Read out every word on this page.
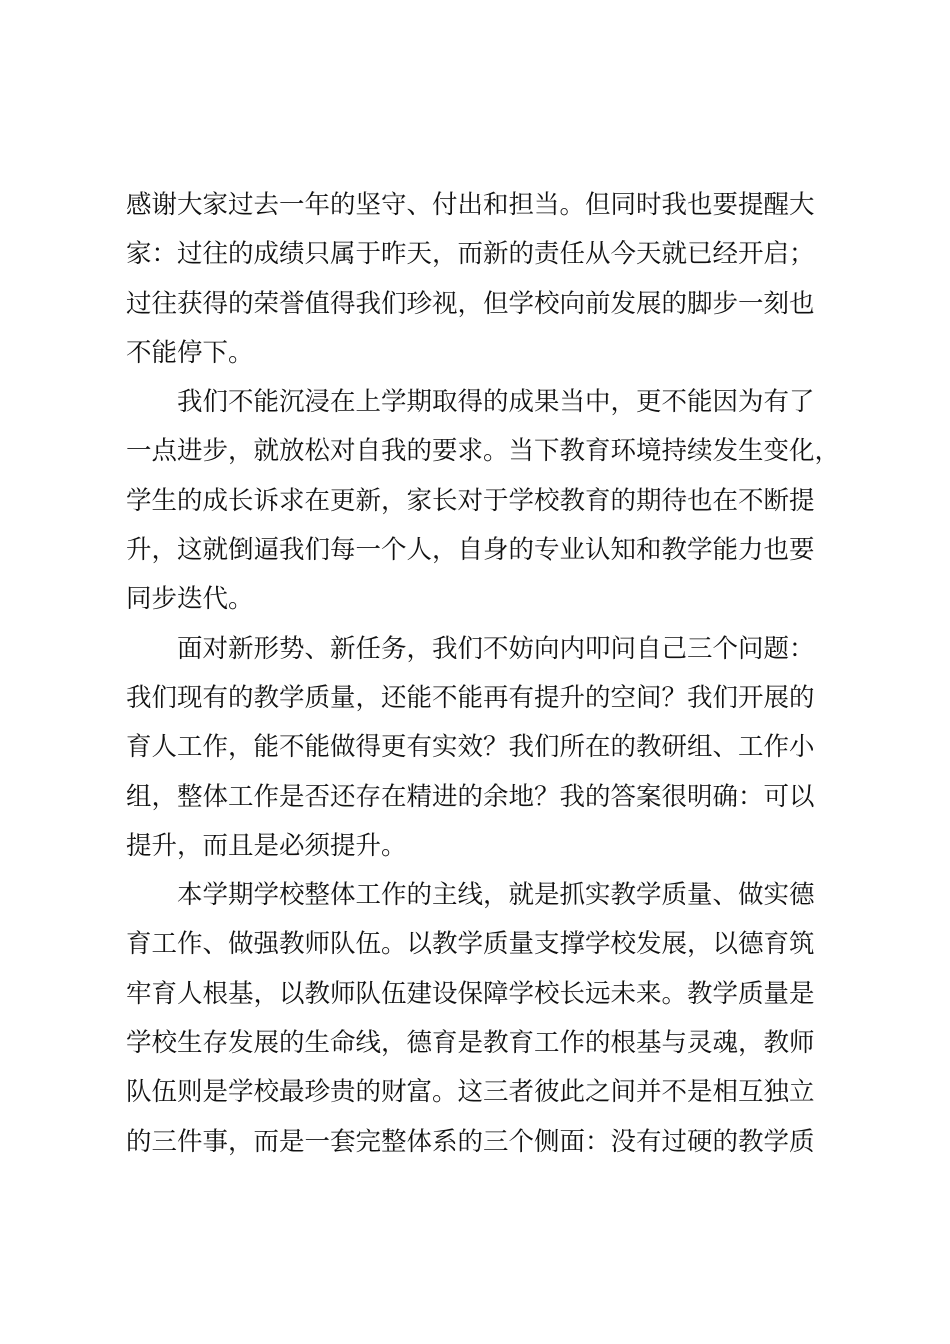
感谢大家过去一年的坚守、付出和担当。但同时我也要提醒大
家：过往的成绩只属于昨天，而新的责任从今天就已经开启；
过往获得的荣誉值得我们珍视，但学校向前发展的脚步一刻也
不能停下。
我们不能沉浸在上学期取得的成果当中，更不能因为有了
一点进步，就放松对自我的要求。当下教育环境持续发生变化，
学生的成长诉求在更新，家长对于学校教育的期待也在不断提
升，这就倒逼我们每一个人，自身的专业认知和教学能力也要
同步迭代。
面对新形势、新任务，我们不妨向内叩问自己三个问题：
我们现有的教学质量，还能不能再有提升的空间？我们开展的
育人工作，能不能做得更有实效？我们所在的教研组、工作小
组，整体工作是否还存在精进的余地？我的答案很明确：可以
提升，而且是必须提升。
本学期学校整体工作的主线，就是抓实教学质量、做实德
育工作、做强教师队伍。以教学质量支撑学校发展，以德育筑
牢育人根基，以教师队伍建设保障学校长远未来。教学质量是
学校生存发展的生命线，德育是教育工作的根基与灵魂，教师
队伍则是学校最珍贵的财富。这三者彼此之间并不是相互独立
的三件事，而是一套完整体系的三个侧面：没有过硬的教学质
